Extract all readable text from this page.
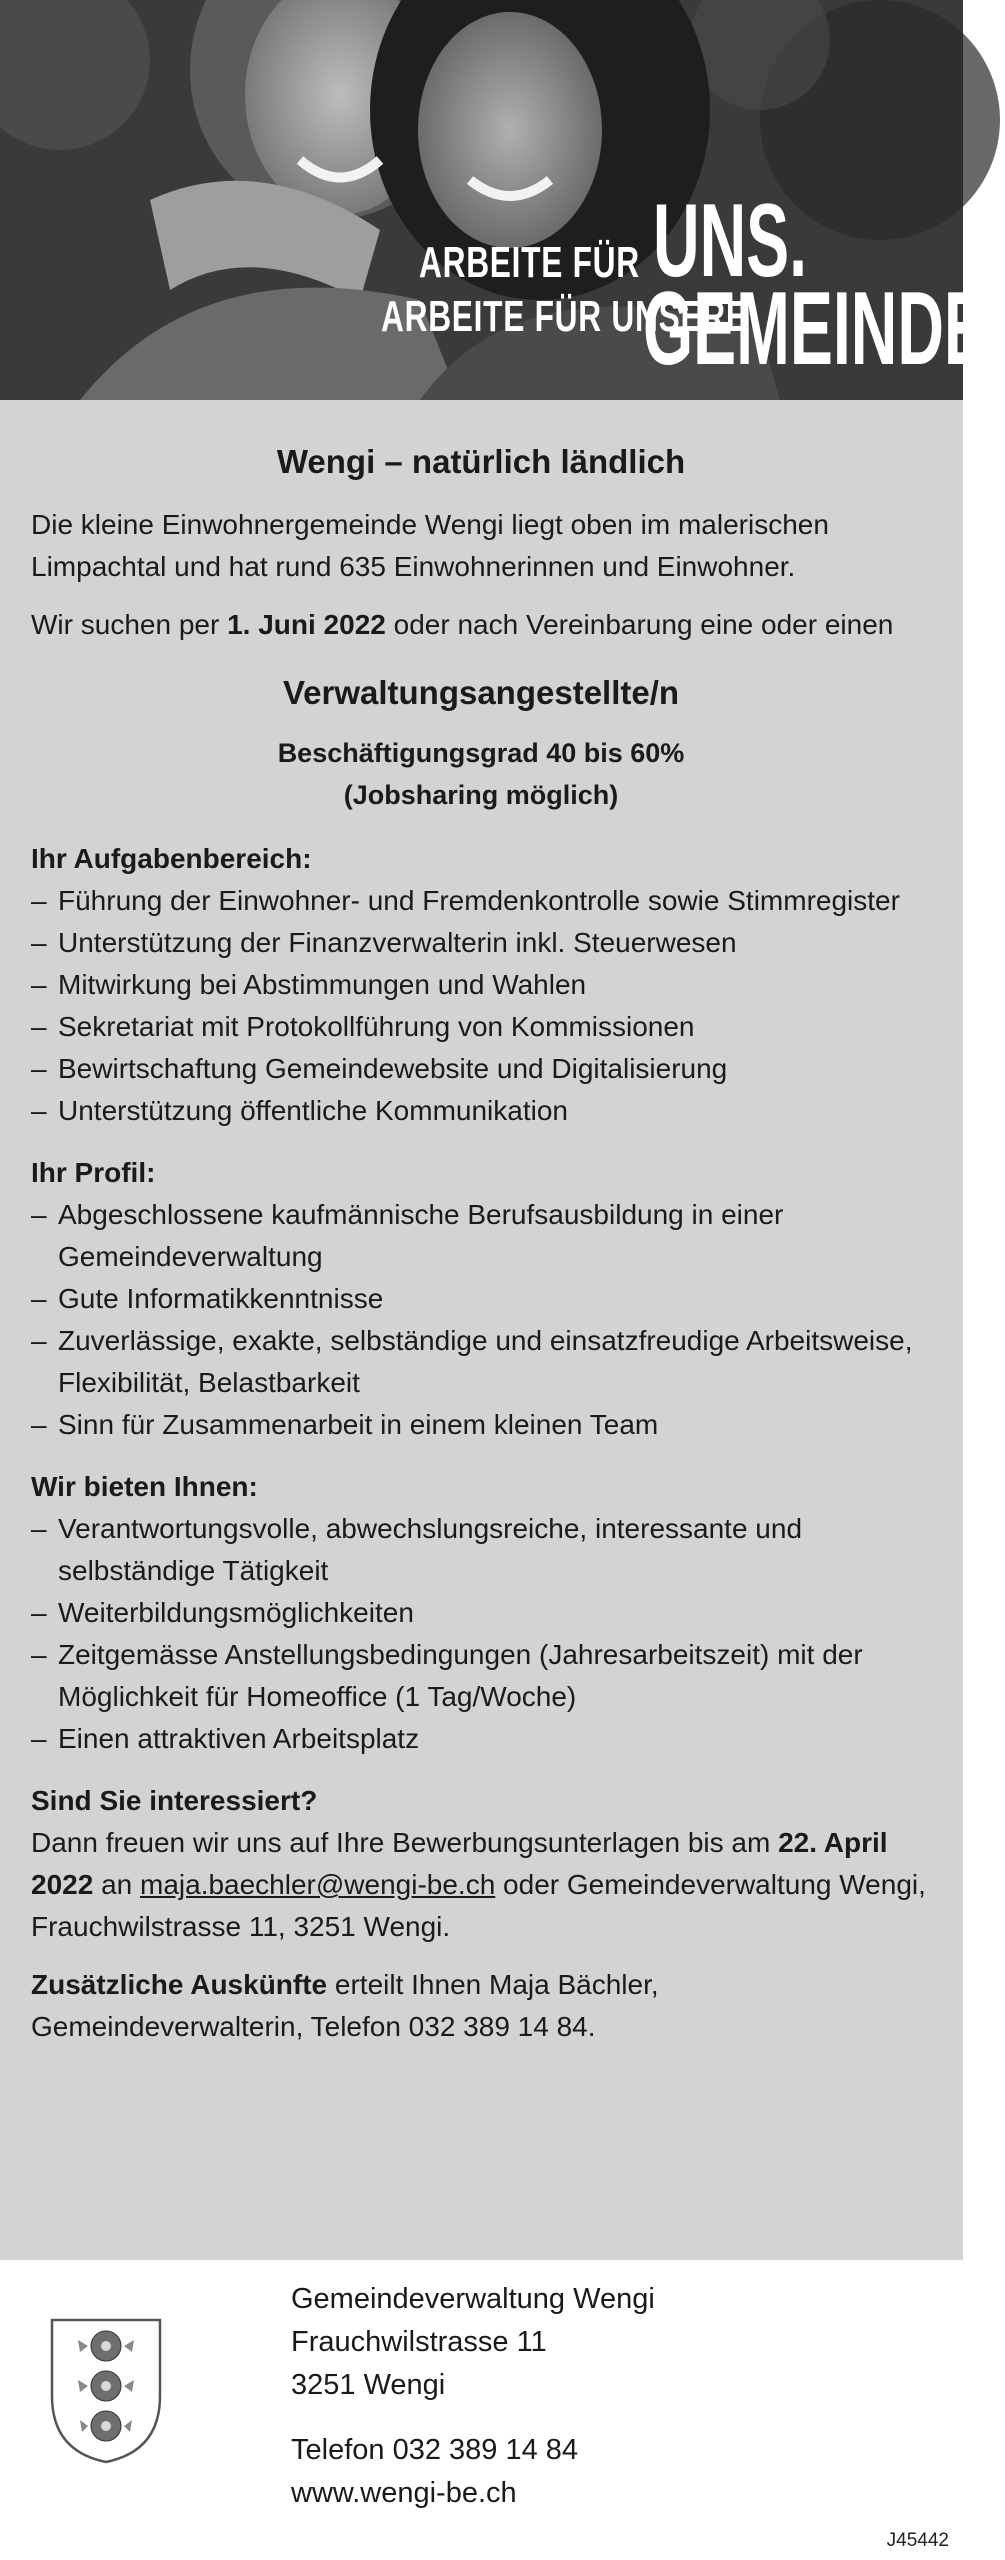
ARBEITE FÜR UNS.
ARBEITE FÜR UNSERE
GEMEINDE.
Wengi – natürlich ländlich

Die kleine Einwohnergemeinde Wengi liegt oben im malerischen Limpachtal und hat rund 635 Einwohnerinnen und Einwohner.

Wir suchen per 1. Juni 2022 oder nach Vereinbarung eine oder einen

Verwaltungsangestellte/n
Beschäftigungsgrad 40 bis 60%
(Jobsharing möglich)
Ihr Aufgabenbereich:
– Führung der Einwohner- und Fremdenkontrolle sowie Stimmregister
– Unterstützung der Finanzverwalterin inkl. Steuerwesen
– Mitwirkung bei Abstimmungen und Wahlen
– Sekretariat mit Protokollführung von Kommissionen
– Bewirtschaftung Gemeindewebsite und Digitalisierung
– Unterstützung öffentliche Kommunikation
Ihr Profil:
– Abgeschlossene kaufmännische Berufsausbildung in einer Gemeindeverwaltung
– Gute Informatikkenntnisse
– Zuverlässige, exakte, selbständige und einsatzfreudige Arbeitsweise, Flexibilität, Belastbarkeit
– Sinn für Zusammenarbeit in einem kleinen Team
Wir bieten Ihnen:
– Verantwortungsvolle, abwechslungsreiche, interessante und selbständige Tätigkeit
– Weiterbildungsmöglichkeiten
– Zeitgemässe Anstellungsbedingungen (Jahresarbeitszeit) mit der Möglichkeit für Homeoffice (1 Tag/Woche)
– Einen attraktiven Arbeitsplatz
Sind Sie interessiert?

Dann freuen wir uns auf Ihre Bewerbungsunterlagen bis am 22. April 2022 an maja.baechler@wengi-be.ch oder Gemeindeverwaltung Wengi, Frauchwilstrasse 11, 3251 Wengi.

Zusätzliche Auskünfte erteilt Ihnen Maja Bächler, Gemeindeverwalterin, Telefon 032 389 14 84.

Gemeindeverwaltung Wengi
Frauchwilstrasse 11
3251 Wengi
Telefon 032 389 14 84
www.wengi-be.ch
J45442
